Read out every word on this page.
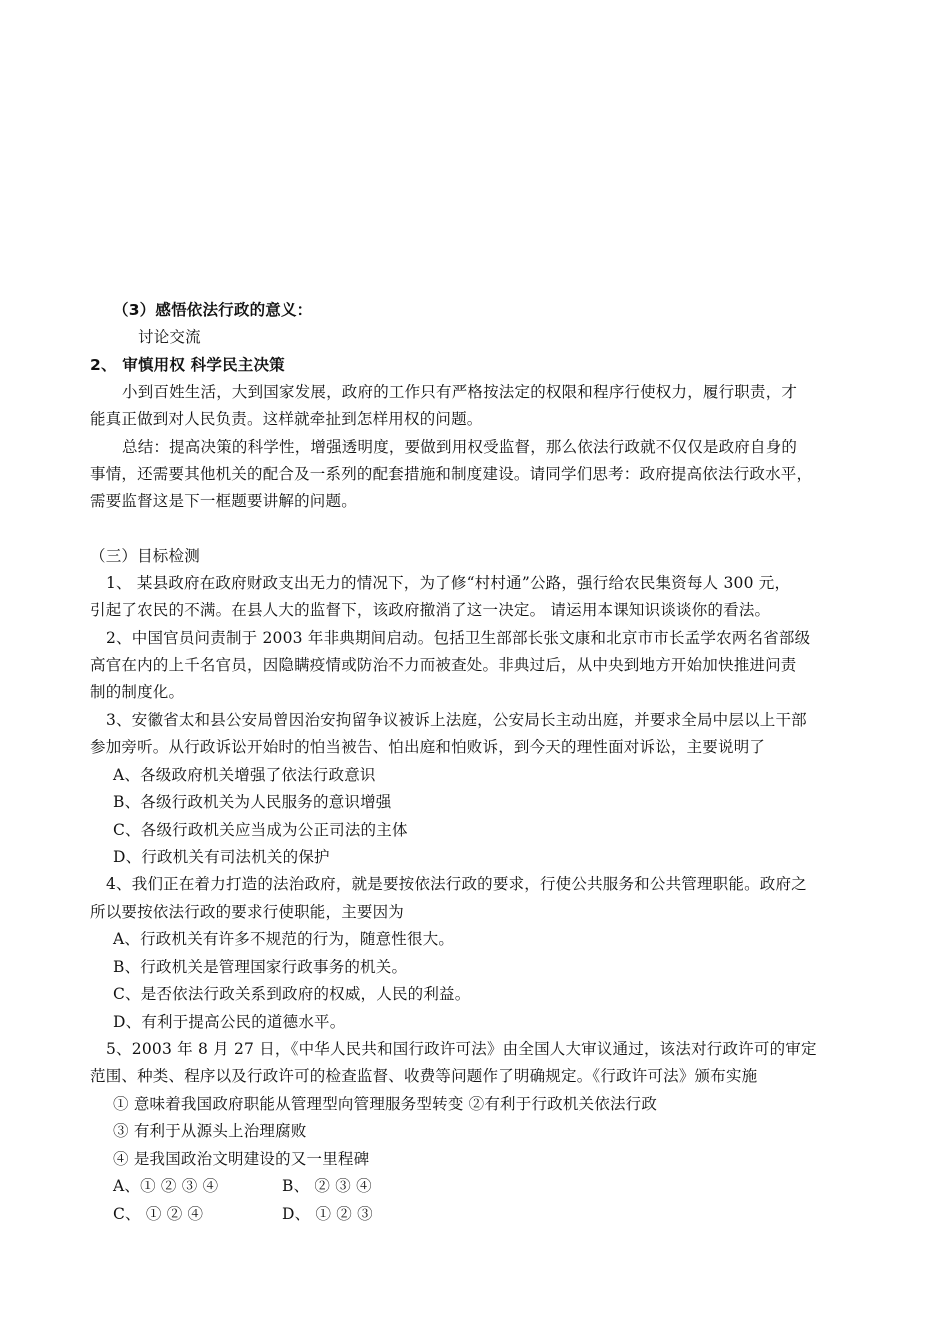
（3）感悟依法行政的意义：
讨论交流
2、 审慎用权 科学民主决策
小到百姓生活，大到国家发展，政府的工作只有严格按法定的权限和程序行使权力，履行职责，才
能真正做到对人民负责。这样就牵扯到怎样用权的问题。
总结：提高决策的科学性，增强透明度，要做到用权受监督，那么依法行政就不仅仅是政府自身的
事情，还需要其他机关的配合及一系列的配套措施和制度建设。请同学们思考：政府提高依法行政水平，
需要监督这是下一框题要讲解的问题。
（三）目标检测
1、 某县政府在政府财政支出无力的情况下，为了修“村村通”公路，强行给农民集资每人 300 元，
引起了农民的不满。在县人大的监督下，该政府撤消了这一决定。 请运用本课知识谈谈你的看法。
2、中国官员问责制于 2003 年非典期间启动。包括卫生部部长张文康和北京市市长孟学农两名省部级
高官在内的上千名官员，因隐瞒疫情或防治不力而被查处。非典过后，从中央到地方开始加快推进问责
制的制度化。
3、安徽省太和县公安局曾因治安拘留争议被诉上法庭，公安局长主动出庭，并要求全局中层以上干部
参加旁听。从行政诉讼开始时的怕当被告、怕出庭和怕败诉，到今天的理性面对诉讼，主要说明了
A、各级政府机关增强了依法行政意识
B、各级行政机关为人民服务的意识增强
C、各级行政机关应当成为公正司法的主体
D、行政机关有司法机关的保护
4、我们正在着力打造的法治政府，就是要按依法行政的要求，行使公共服务和公共管理职能。政府之
所以要按依法行政的要求行使职能，主要因为
A、行政机关有许多不规范的行为，随意性很大。
B、行政机关是管理国家行政事务的机关。
C、是否依法行政关系到政府的权威，人民的利益。
D、有利于提高公民的道德水平。
5、2003 年 8 月 27 日，《中华人民共和国行政许可法》由全国人大审议通过，该法对行政许可的审定
范围、种类、程序以及行政许可的检查监督、收费等问题作了明确规定。《行政许可法》颁布实施
① 意味着我国政府职能从管理型向管理服务型转变 ②有利于行政机关依法行政
③ 有利于从源头上治理腐败
④ 是我国政治文明建设的又一里程碑
A、① ② ③ ④	B、 ② ③ ④
C、 ① ② ④	D、 ① ② ③
